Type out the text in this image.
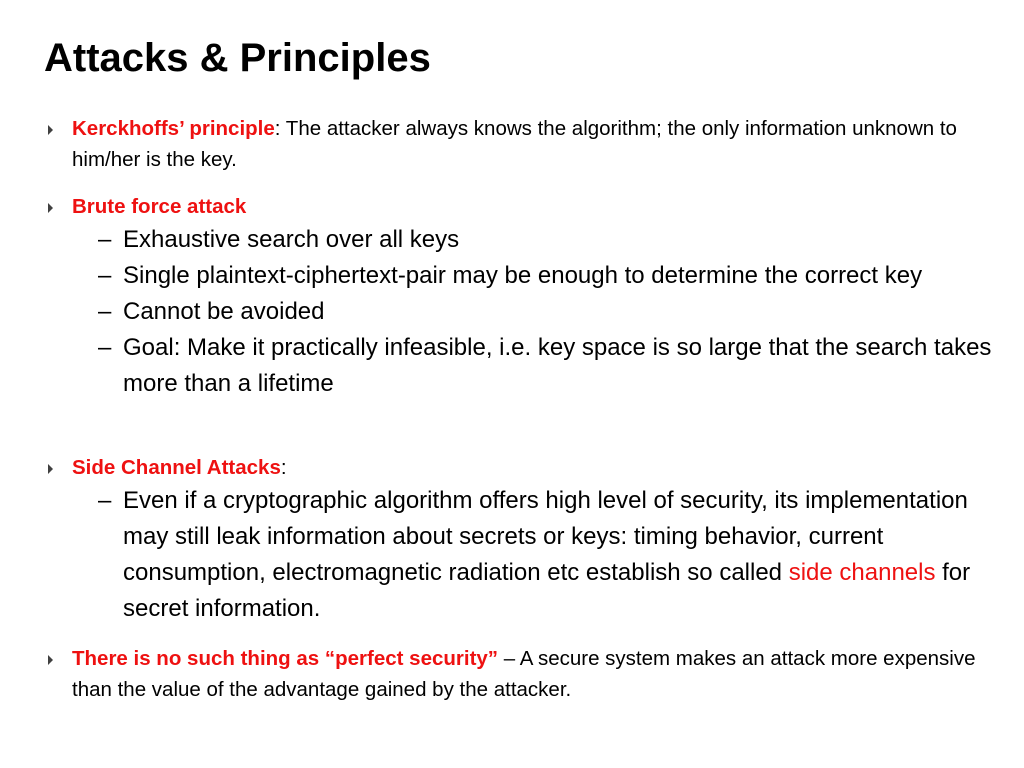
Attacks & Principles
Kerckhoffs’ principle: The attacker always knows the algorithm; the only information unknown to him/her is the key.
Brute force attack
– Exhaustive search over all keys
– Single plaintext-ciphertext-pair may be enough to determine the correct key
– Cannot be avoided
– Goal: Make it practically infeasible, i.e. key space is so large that the search takes more than a lifetime
Side Channel Attacks:
– Even if a cryptographic algorithm offers high level of security, its implementation may still leak information about secrets or keys: timing behavior, current consumption, electromagnetic radiation etc establish so called side channels for secret information.
There is no such thing as “perfect security” – A secure system makes an attack more expensive than the value of the advantage gained by the attacker.
